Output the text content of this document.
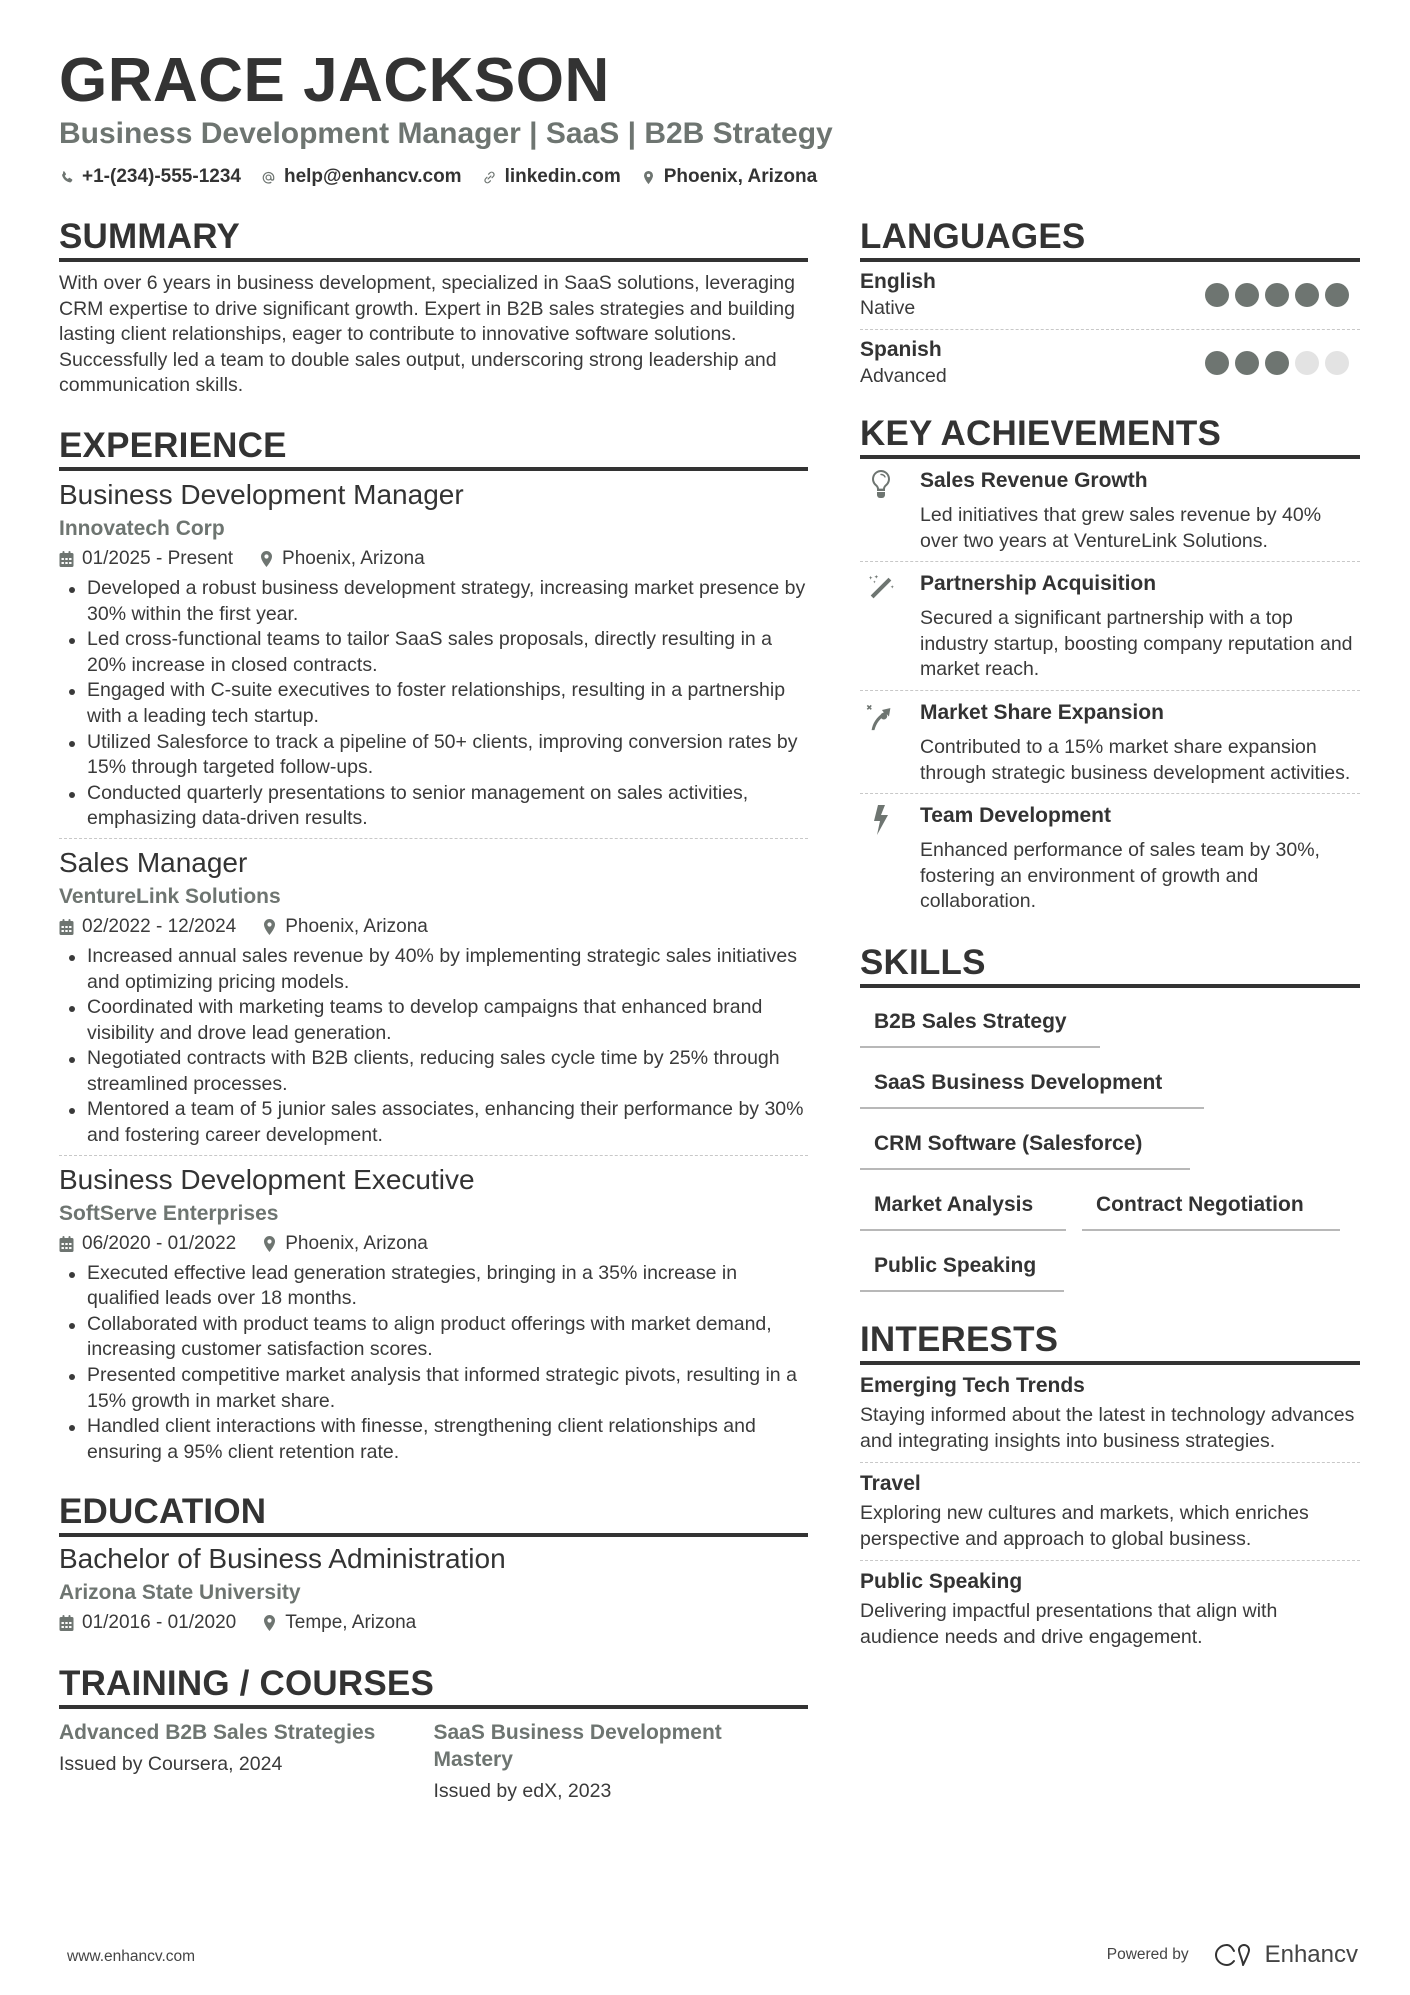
GRACE JACKSON
Business Development Manager | SaaS | B2B Strategy
+1-(234)-555-1234 help@enhancv.com linkedin.com Phoenix, Arizona
SUMMARY

With over 6 years in business development, specialized in SaaS solutions, leveraging CRM expertise to drive significant growth. Expert in B2B sales strategies and building lasting client relationships, eager to contribute to innovative software solutions. Successfully led a team to double sales output, underscoring strong leadership and communication skills.

EXPERIENCE
Business Development Manager
Innovatech Corp
01/2025 - Present	Phoenix, Arizona
Developed a robust business development strategy, increasing market presence by 30% within the first year.
Led cross-functional teams to tailor SaaS sales proposals, directly resulting in a 20% increase in closed contracts.
Engaged with C-suite executives to foster relationships, resulting in a partnership with a leading tech startup.
Utilized Salesforce to track a pipeline of 50+ clients, improving conversion rates by 15% through targeted follow-ups.
Conducted quarterly presentations to senior management on sales activities, emphasizing data-driven results.
Sales Manager
VentureLink Solutions
02/2022 - 12/2024	Phoenix, Arizona
Increased annual sales revenue by 40% by implementing strategic sales initiatives and optimizing pricing models.
Coordinated with marketing teams to develop campaigns that enhanced brand visibility and drove lead generation.
Negotiated contracts with B2B clients, reducing sales cycle time by 25% through streamlined processes.
Mentored a team of 5 junior sales associates, enhancing their performance by 30% and fostering career development.
Business Development Executive
SoftServe Enterprises
06/2020 - 01/2022	Phoenix, Arizona
Executed effective lead generation strategies, bringing in a 35% increase in qualified leads over 18 months.
Collaborated with product teams to align product offerings with market demand, increasing customer satisfaction scores.
Presented competitive market analysis that informed strategic pivots, resulting in a 15% growth in market share.
Handled client interactions with finesse, strengthening client relationships and ensuring a 95% client retention rate.
EDUCATION
Bachelor of Business Administration
Arizona State University
01/2016 - 01/2020	Tempe, Arizona
TRAINING / COURSES
Advanced B2B Sales Strategies
Issued by Coursera, 2024
SaaS Business Development Mastery
Issued by edX, 2023
LANGUAGES
English
Native
Spanish
Advanced
KEY ACHIEVEMENTS
Sales Revenue Growth
Led initiatives that grew sales revenue by 40% over two years at VentureLink Solutions.
Partnership Acquisition
Secured a significant partnership with a top industry startup, boosting company reputation and market reach.
Market Share Expansion
Contributed to a 15% market share expansion through strategic business development activities.
Team Development
Enhanced performance of sales team by 30%, fostering an environment of growth and collaboration.
SKILLS
B2B Sales Strategy
SaaS Business Development
CRM Software (Salesforce)
Market Analysis	Contract Negotiation
Public Speaking
INTERESTS
Emerging Tech Trends
Staying informed about the latest in technology advances and integrating insights into business strategies.
Travel
Exploring new cultures and markets, which enriches perspective and approach to global business.
Public Speaking
Delivering impactful presentations that align with audience needs and drive engagement.
www.enhancv.com	Powered by	Enhancv
